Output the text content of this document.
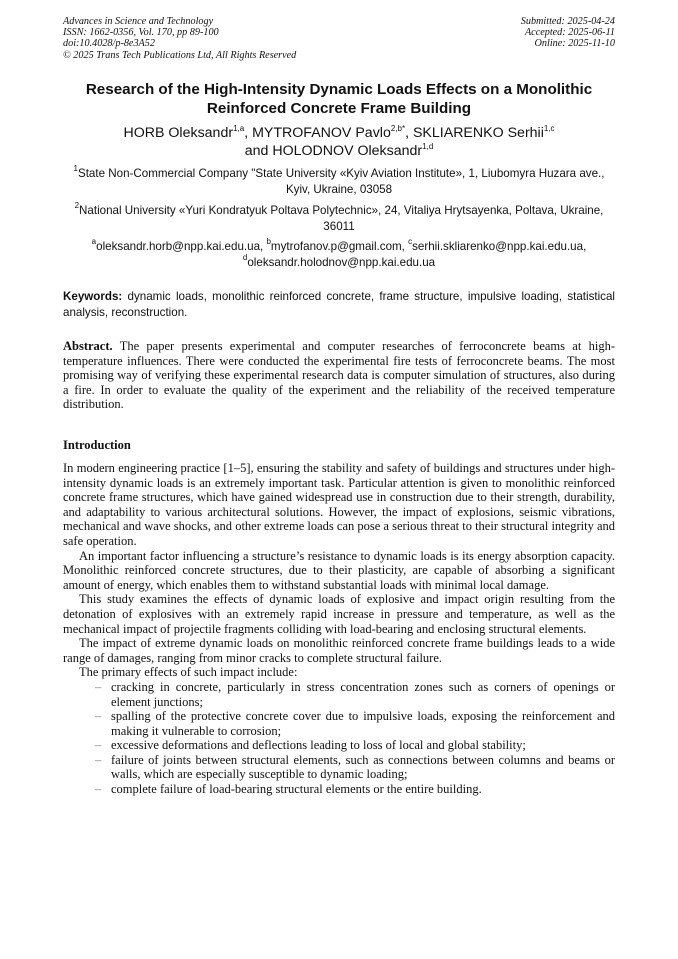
Advances in Science and Technology
ISSN: 1662-0356, Vol. 170, pp 89-100
doi:10.4028/p-8e3A52
© 2025 Trans Tech Publications Ltd, All Rights Reserved
Submitted: 2025-04-24
Accepted: 2025-06-11
Online: 2025-11-10
Research of the High-Intensity Dynamic Loads Effects on a Monolithic
Reinforced Concrete Frame Building
HORB Oleksandr$^{1,a}$, MYTROFANOV Pavlo$^{2,b*}$, SKLIARENKO Serhii$^{1,c}$
and HOLODNOV Oleksandr$^{1,d}$
$^1$State Non-Commercial Company "State University «Kyiv Aviation Institute», 1, Liubomyra Huzara ave., Kyiv, Ukraine, 03058
$^2$National University «Yuri Kondratyuk Poltava Polytechnic», 24, Vitaliya Hrytsayenka, Poltava, Ukraine, 36011
$^a$oleksandr.horb@npp.kai.edu.ua, $^b$mytrofanov.p@gmail.com, $^c$serhii.skliarenko@npp.kai.edu.ua,
$^d$oleksandr.holodnov@npp.kai.edu.ua
Keywords: dynamic loads, monolithic reinforced concrete, frame structure, impulsive loading, statistical analysis, reconstruction.
Abstract. The paper presents experimental and computer researches of ferroconcrete beams at high-temperature influences. There were conducted the experimental fire tests of ferroconcrete beams. The most promising way of verifying these experimental research data is computer simulation of structures, also during a fire. In order to evaluate the quality of the experiment and the reliability of the received temperature distribution.
Introduction

In modern engineering practice [1–5], ensuring the stability and safety of buildings and structures under high-intensity dynamic loads is an extremely important task. Particular attention is given to monolithic reinforced concrete frame structures, which have gained widespread use in construction due to their strength, durability, and adaptability to various architectural solutions. However, the impact of explosions, seismic vibrations, mechanical and wave shocks, and other extreme loads can pose a serious threat to their structural integrity and safe operation.

An important factor influencing a structure’s resistance to dynamic loads is its energy absorption capacity. Monolithic reinforced concrete structures, due to their plasticity, are capable of absorbing a significant amount of energy, which enables them to withstand substantial loads with minimal local damage.

This study examines the effects of dynamic loads of explosive and impact origin resulting from the detonation of explosives with an extremely rapid increase in pressure and temperature, as well as the mechanical impact of projectile fragments colliding with load-bearing and enclosing structural elements.

The impact of extreme dynamic loads on monolithic reinforced concrete frame buildings leads to a wide range of damages, ranging from minor cracks to complete structural failure.

The primary effects of such impact include:

– cracking in concrete, particularly in stress concentration zones such as corners of openings or element junctions;
– spalling of the protective concrete cover due to impulsive loads, exposing the reinforcement and making it vulnerable to corrosion;
– excessive deformations and deflections leading to loss of local and global stability;
– failure of joints between structural elements, such as connections between columns and beams or walls, which are especially susceptible to dynamic loading;
– complete failure of load-bearing structural elements or the entire building.
